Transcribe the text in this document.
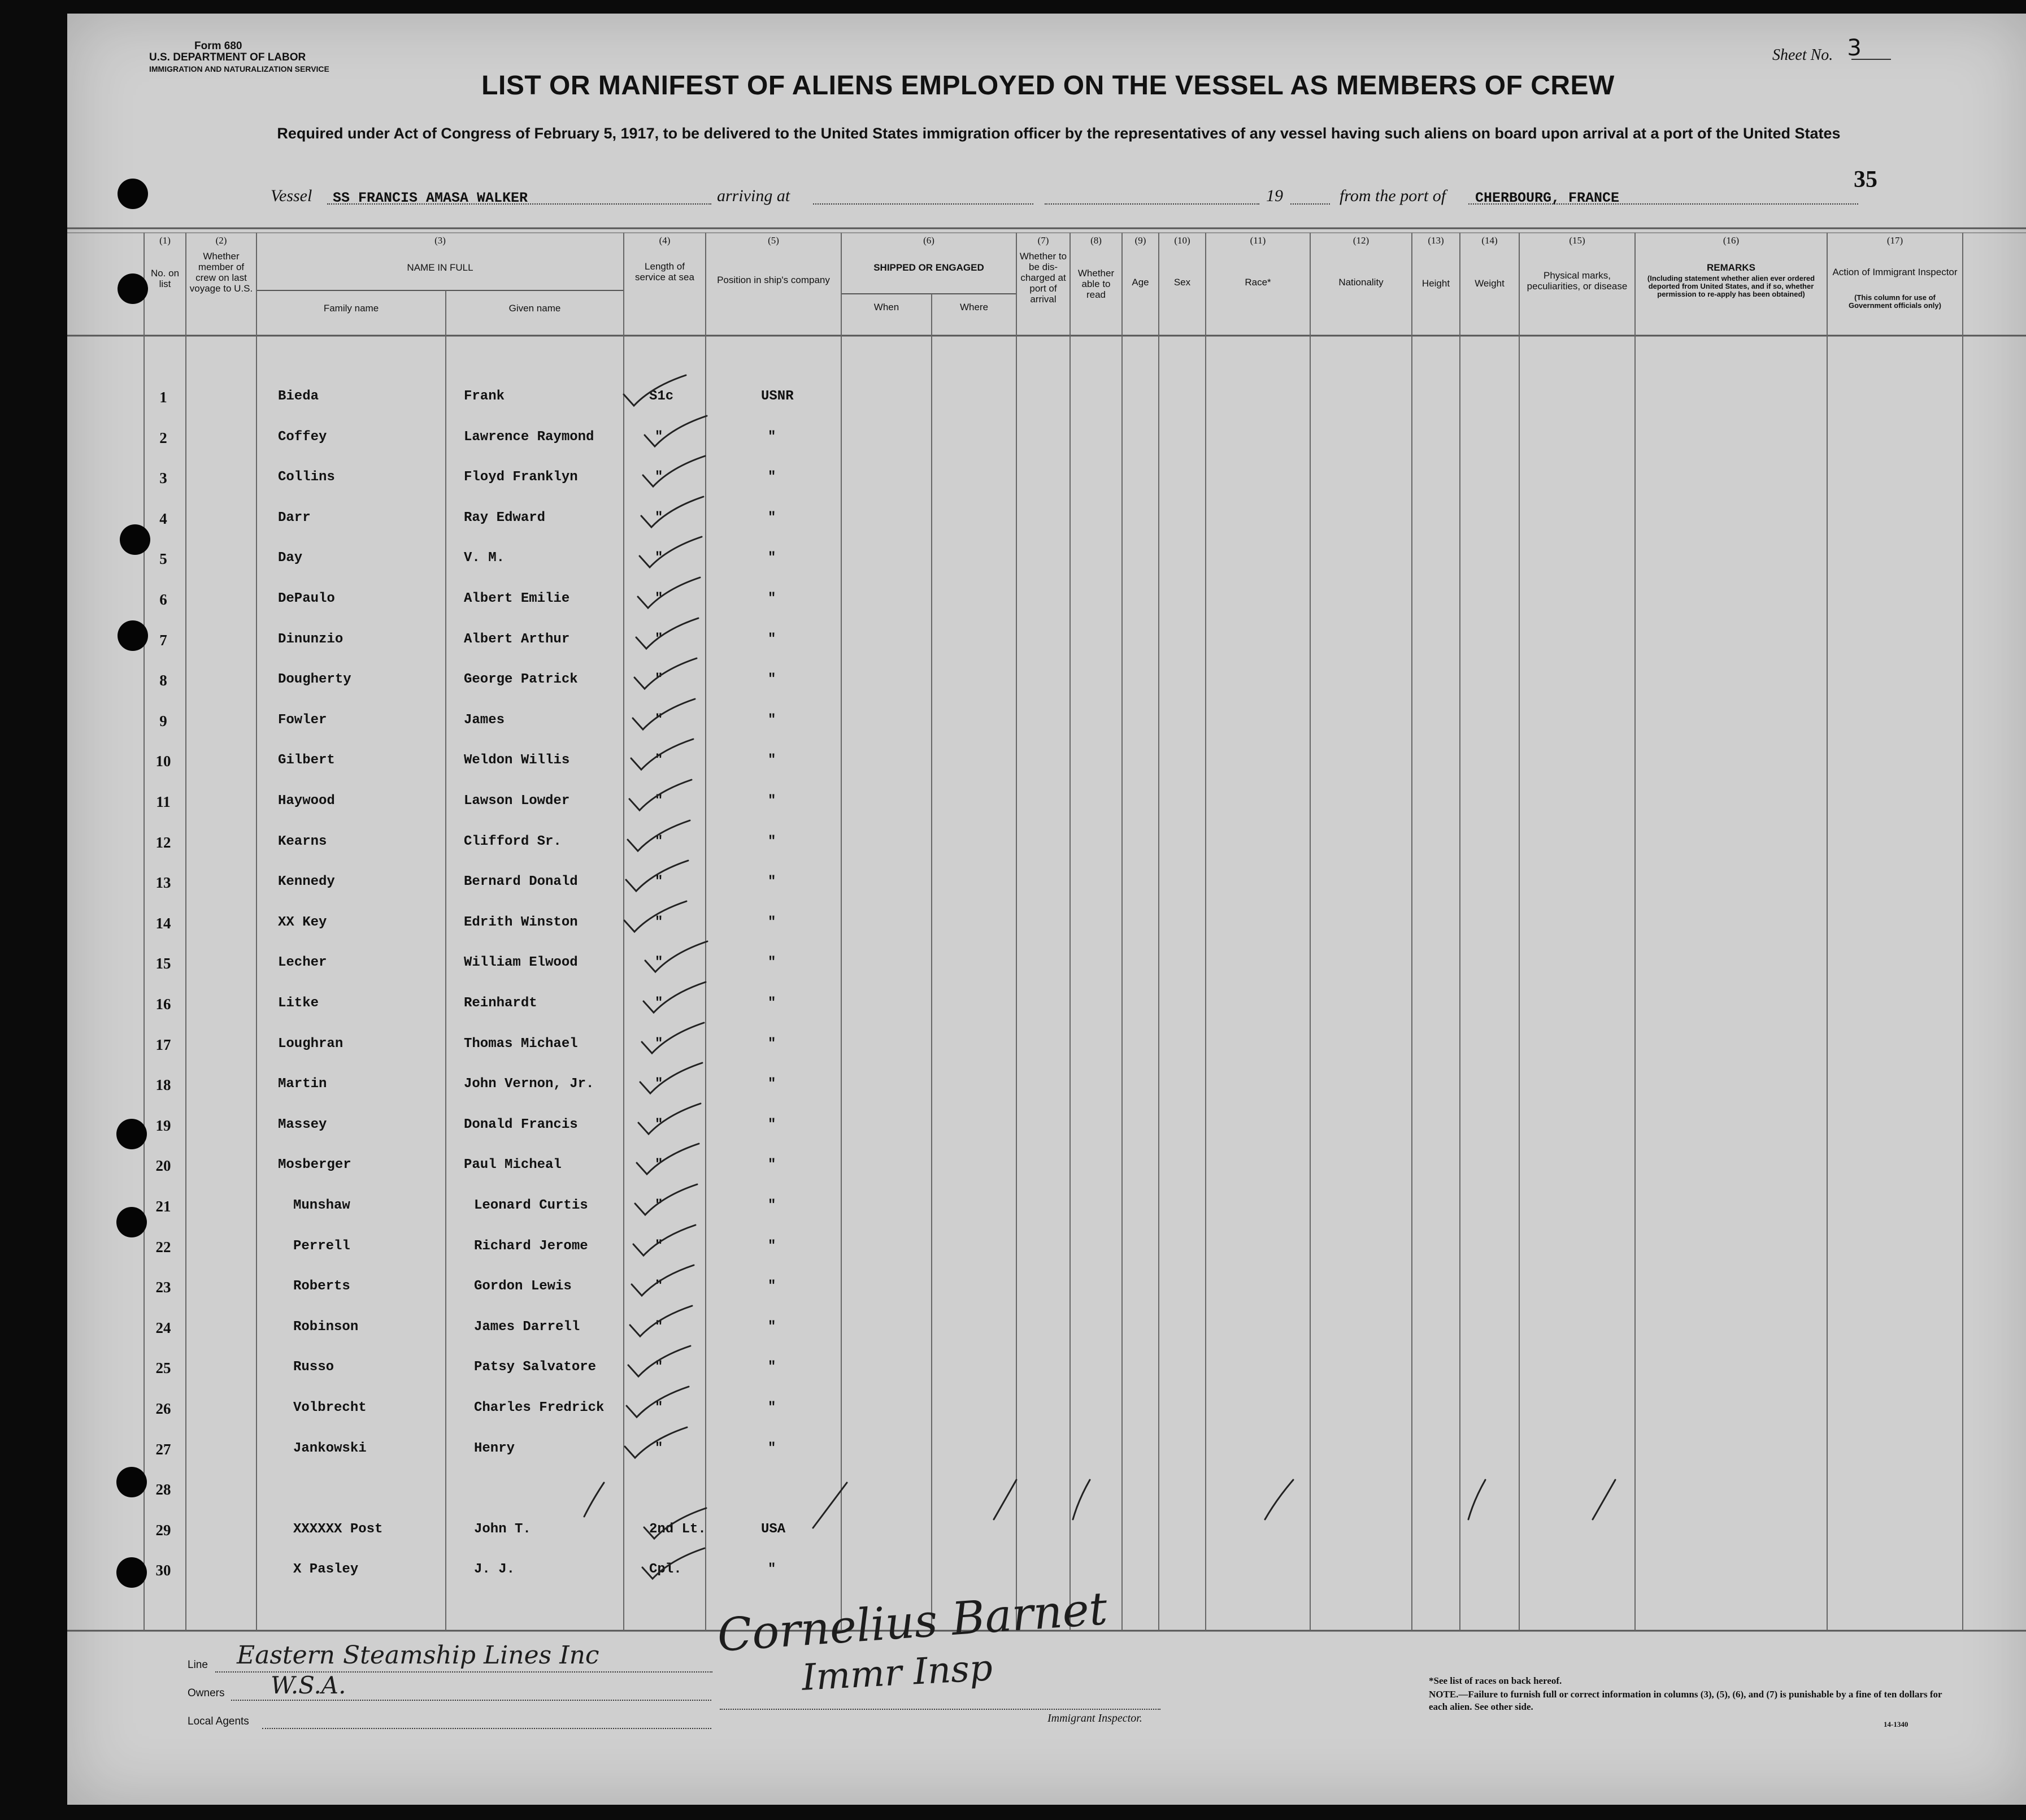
Form 680
U.S. DEPARTMENT OF LABOR
IMMIGRATION AND NATURALIZATION SERVICE
Sheet No. 3
LIST OR MANIFEST OF ALIENS EMPLOYED ON THE VESSEL AS MEMBERS OF CREW
Required under Act of Congress of February 5, 1917, to be delivered to the United States immigration officer by the representatives of any vessel having such aliens on board upon arrival at a port of the United States
35
Vessel SS FRANCIS AMASA WALKER	arriving at	19	from the port of CHERBOURG, FRANCE
(1)	(2)	(3)	(4)	(5)	(6)	(7)	(8)	(9)	(10)	(11)	(12)	(13)	(14)	(15)	(16)	(17)
No. on list
Whether member of crew on last voyage to U.S.
NAME IN FULL
Family name	Given name
Length of service at sea	Position in ship's company
SHIPPED OR ENGAGED
When	Where
Whether to be dis-charged at port of arrival
Whether able to read
Age	Sex	Race*	Nationality	Height	Weight
Physical marks, peculiarities, or disease
REMARKS
(Including statement whether alien ever ordered deported from United States, and if so, whether permission to re-apply has been obtained)
Action of Immigrant Inspector
(This column for use of Government officials only)
1	Bieda	Frank	S1c	USNR
2	Coffey	Lawrence Raymond	"	"
3	Collins	Floyd Franklyn	"	"
4	Darr	Ray Edward	"	"
5	Day	V. M.	"	"
6	DePaulo	Albert Emilie	"	"
7	Dinunzio	Albert Arthur	"	"
8	Dougherty	George Patrick	"	"
9	Fowler	James	"	"
10	Gilbert	Weldon Willis	"	"
11	Haywood	Lawson Lowder	"	"
12	Kearns	Clifford Sr.	"	"
13	Kennedy	Bernard Donald	"	"
14	XX Key	Edrith Winston	"	"
15	Lecher	William Elwood	"	"
16	Litke	Reinhardt	"	"
17	Loughran	Thomas Michael	"	"
18	Martin	John Vernon, Jr.	"	"
19	Massey	Donald Francis	"	"
20	Mosberger	Paul Micheal	"	"
21	Munshaw	Leonard Curtis	"	"
22	Perrell	Richard Jerome	"	"
23	Roberts	Gordon Lewis	"	"
24	Robinson	James Darrell	"	"
25	Russo	Patsy Salvatore	"	"
26	Volbrecht	Charles Fredrick	"	"
27	Jankowski	Henry	"	"
28
29	XXXXXX Post	John T.	2nd Lt.	USA
30	X Pasley	J. J.	Cpl.	"
Line Eastern Steamship Lines Inc
Owners W.S.A.
Local Agents
Cornelius Barnet
Immr Insp
Immigrant Inspector.
*See list of races on back hereof.
NOTE.—Failure to furnish full or correct information in columns (3), (5), (6), and (7) is punishable by a fine of ten dollars for each alien. See other side.
14-1340
